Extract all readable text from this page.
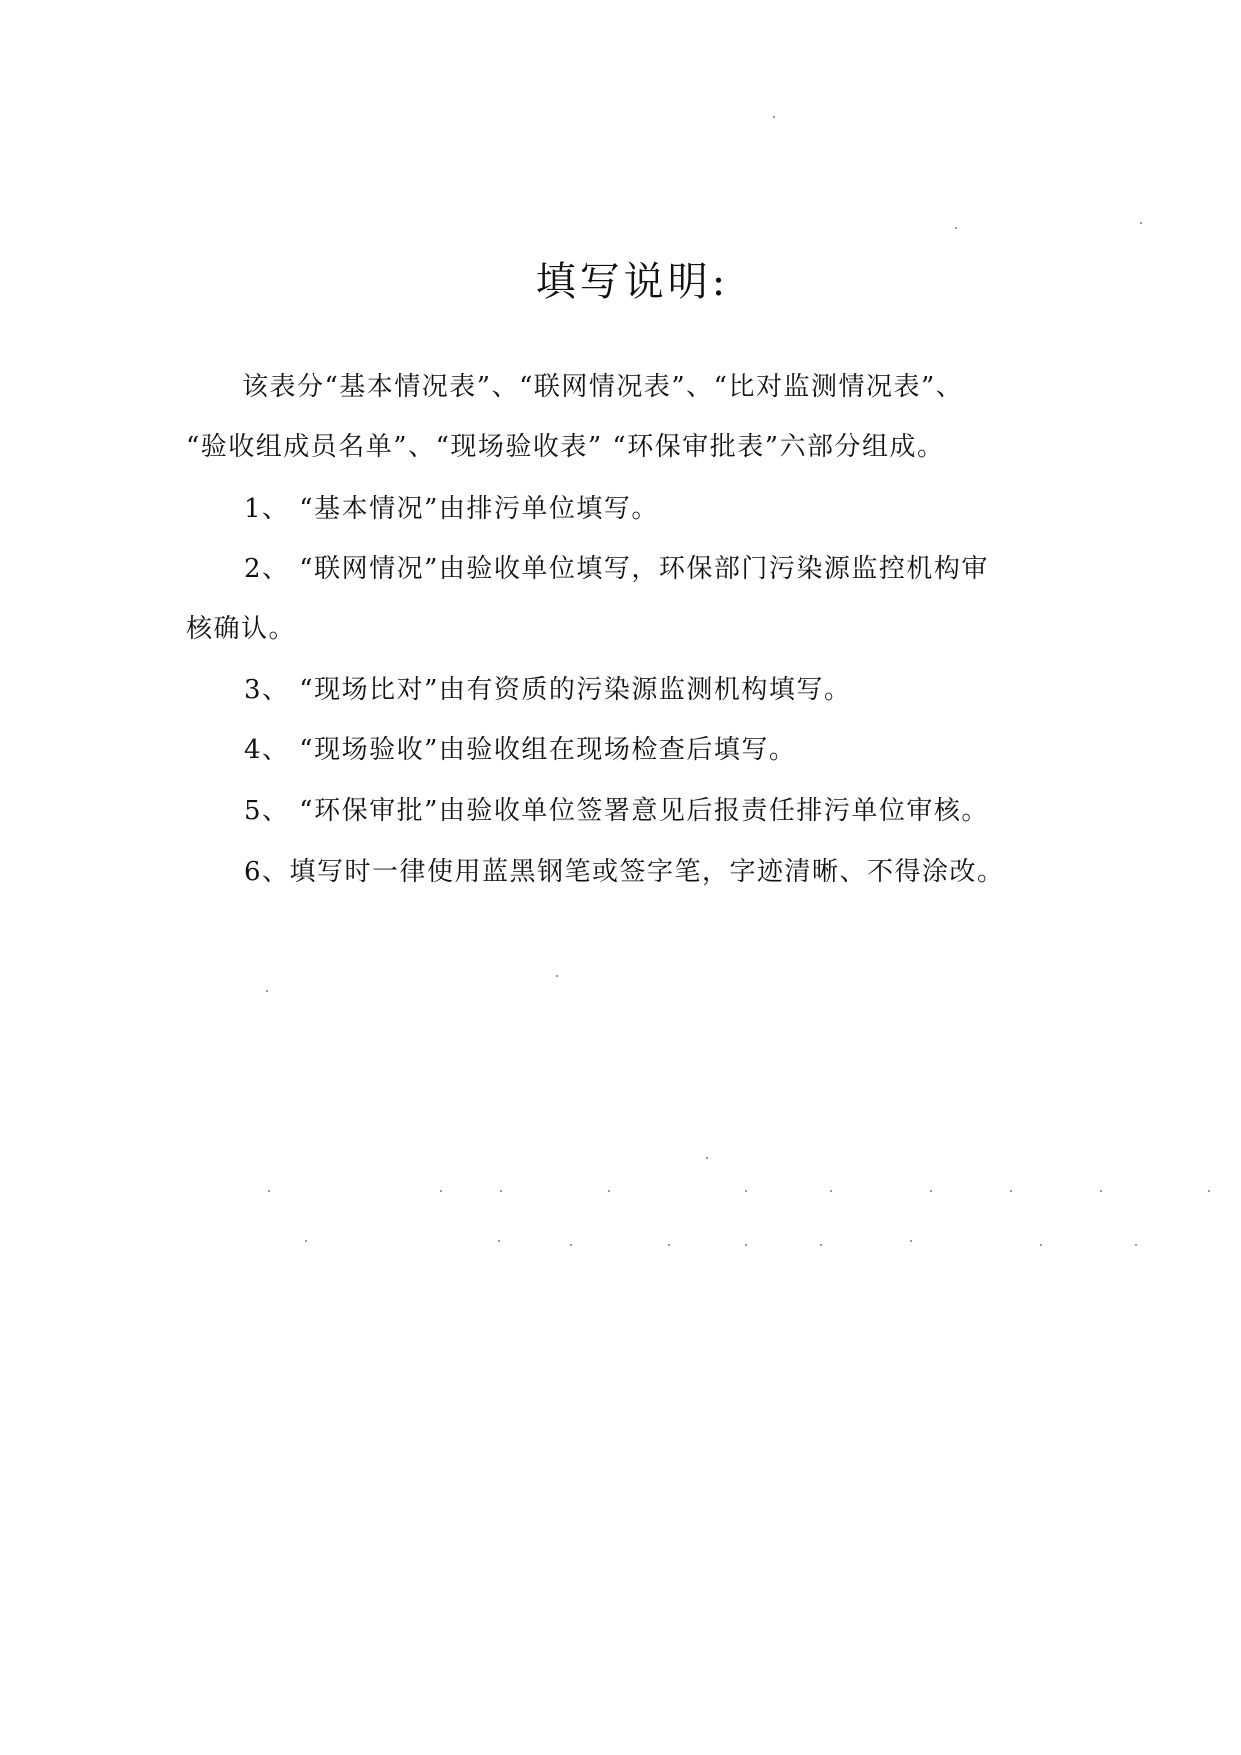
填写说明:
该表分“基本情况表”、“联网情况表”、“比对监测情况表”、
“验收组成员名单”、“现场验收表” “环保审批表”六部分组成。
1、 “基本情况”由排污单位填写。
2、 “联网情况”由验收单位填写，环保部门污染源监控机构审
核确认。
3、 “现场比对”由有资质的污染源监测机构填写。
4、 “现场验收”由验收组在现场检查后填写。
5、 “环保审批”由验收单位签署意见后报责任排污单位审核。
6、填写时一律使用蓝黑钢笔或签字笔，字迹清晰、不得涂改。
